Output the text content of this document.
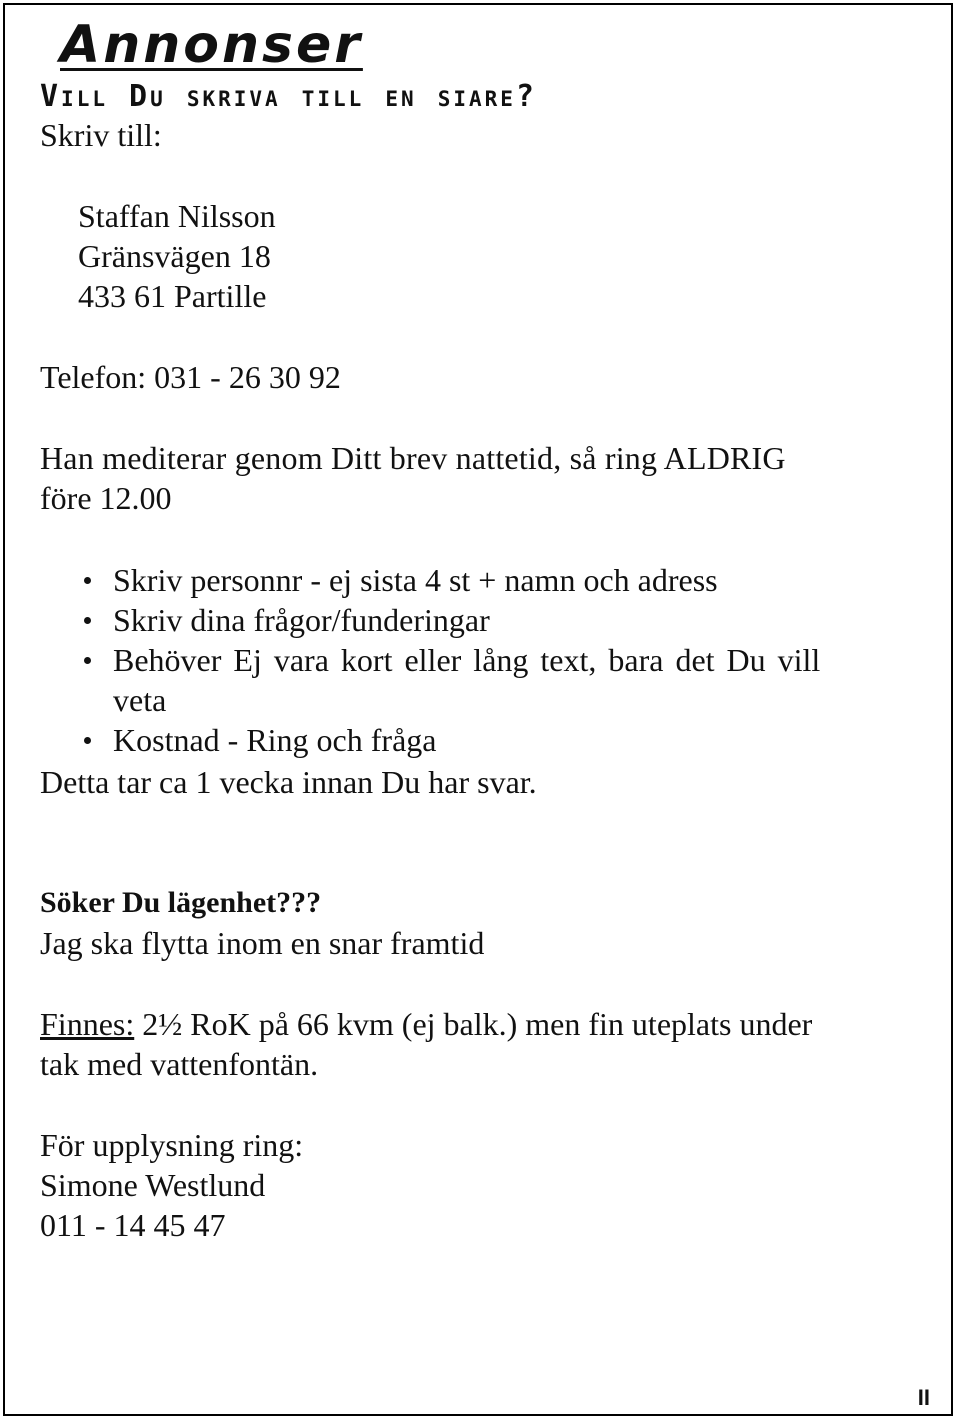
Annonser

Vill Du skriva till en siare?

Skriv till:

Staffan Nilsson

Gränsvägen 18

433 61 Partille

Telefon: 031 - 26 30 92

Han mediterar genom Ditt brev nattetid, så ring ALDRIG

före 12.00

Skriv personnr - ej sista 4 st + namn och adress
Skriv dina frågor/funderingar
Behöver Ej vara kort eller lång text, bara det Du vill veta
Kostnad - Ring och fråga

Detta tar ca 1 vecka innan Du har svar.

Söker Du lägenhet???

Jag ska flytta inom en snar framtid

Finnes: 2½ RoK på 66 kvm (ej balk.) men fin uteplats under

tak med vattenfontän.

För upplysning ring:

Simone Westlund

011 - 14 45 47

II
